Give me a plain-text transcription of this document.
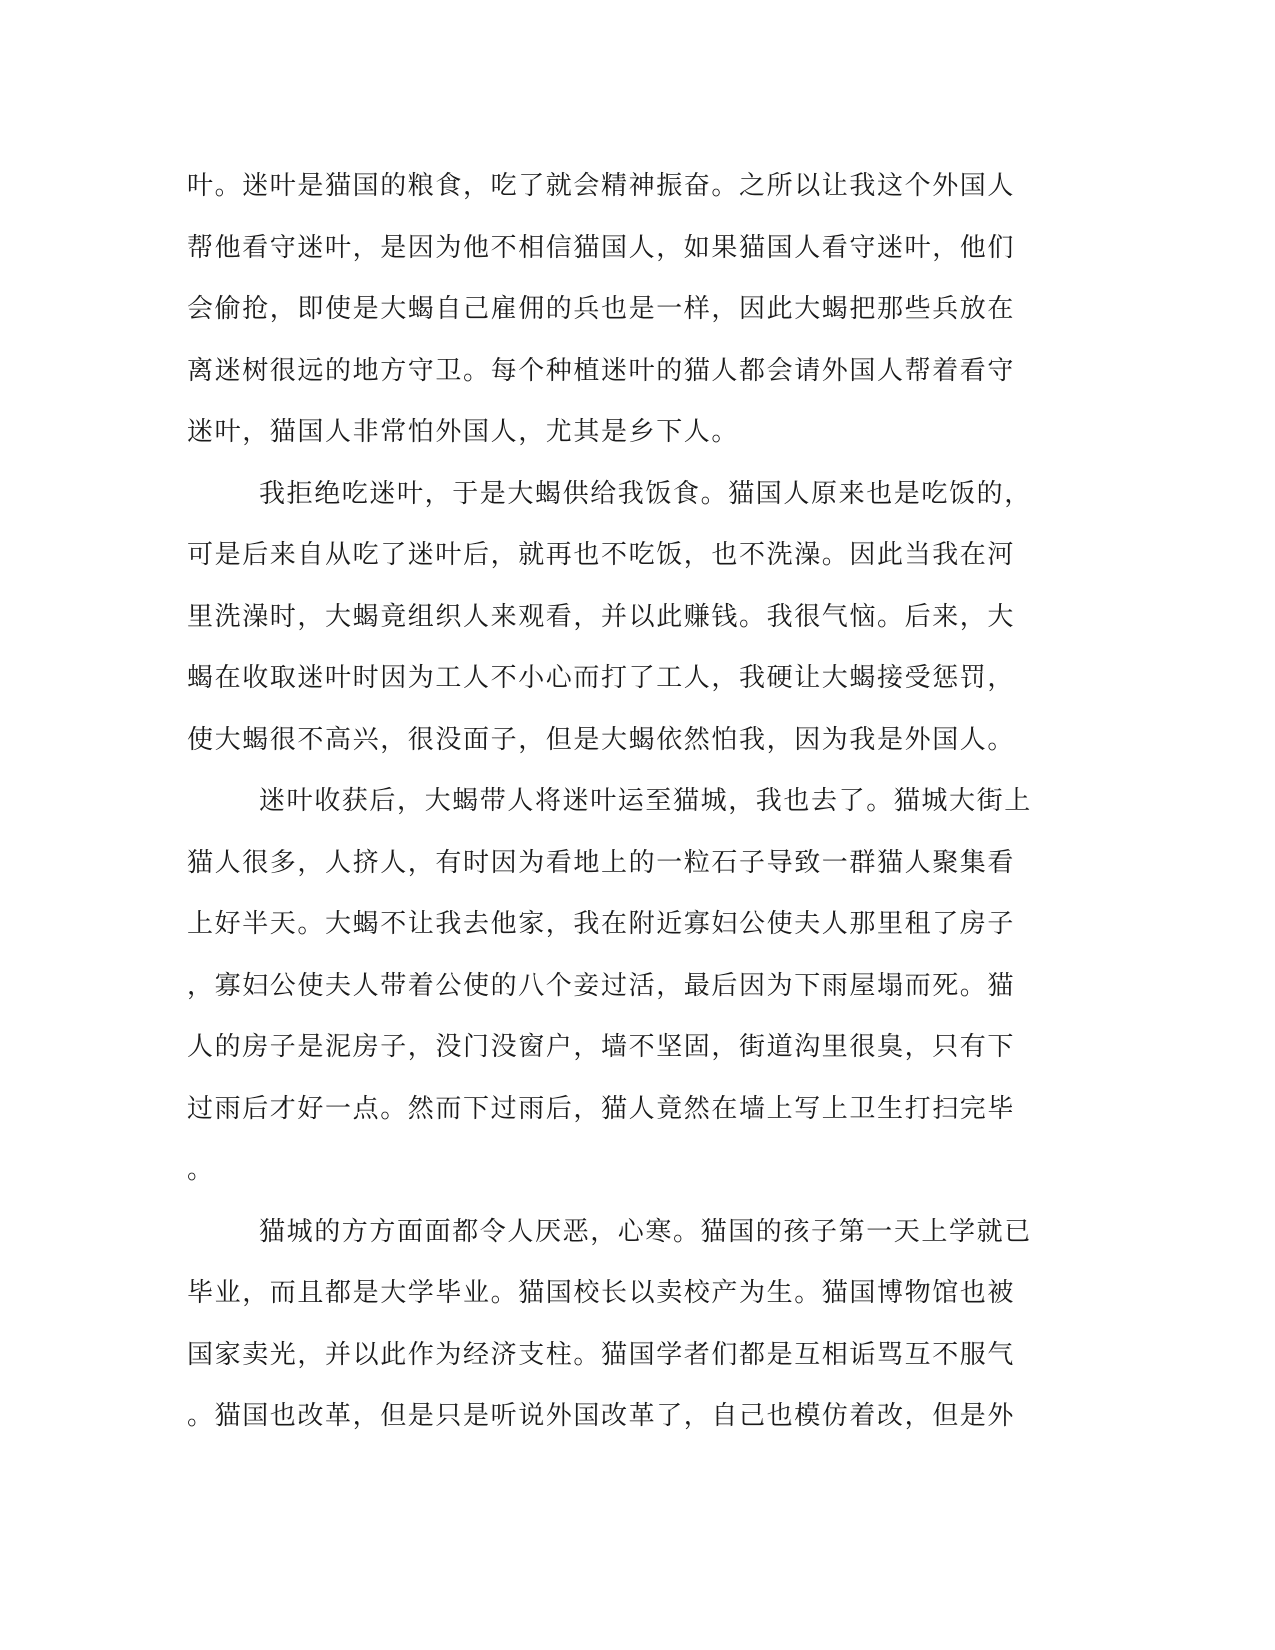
叶。迷叶是猫国的粮食，吃了就会精神振奋。之所以让我这个外国人
帮他看守迷叶，是因为他不相信猫国人，如果猫国人看守迷叶，他们
会偷抢，即使是大蝎自己雇佣的兵也是一样，因此大蝎把那些兵放在
离迷树很远的地方守卫。每个种植迷叶的猫人都会请外国人帮着看守
迷叶，猫国人非常怕外国人，尤其是乡下人。
我拒绝吃迷叶，于是大蝎供给我饭食。猫国人原来也是吃饭的，
可是后来自从吃了迷叶后，就再也不吃饭，也不洗澡。因此当我在河
里洗澡时，大蝎竟组织人来观看，并以此赚钱。我很气恼。后来，大
蝎在收取迷叶时因为工人不小心而打了工人，我硬让大蝎接受惩罚，
使大蝎很不高兴，很没面子，但是大蝎依然怕我，因为我是外国人。
迷叶收获后，大蝎带人将迷叶运至猫城，我也去了。猫城大街上
猫人很多，人挤人，有时因为看地上的一粒石子导致一群猫人聚集看
上好半天。大蝎不让我去他家，我在附近寡妇公使夫人那里租了房子
，寡妇公使夫人带着公使的八个妾过活，最后因为下雨屋塌而死。猫
人的房子是泥房子，没门没窗户，墙不坚固，街道沟里很臭，只有下
过雨后才好一点。然而下过雨后，猫人竟然在墙上写上卫生打扫完毕
。
猫城的方方面面都令人厌恶，心寒。猫国的孩子第一天上学就已
毕业，而且都是大学毕业。猫国校长以卖校产为生。猫国博物馆也被
国家卖光，并以此作为经济支柱。猫国学者们都是互相诟骂互不服气
。猫国也改革，但是只是听说外国改革了，自己也模仿着改，但是外
